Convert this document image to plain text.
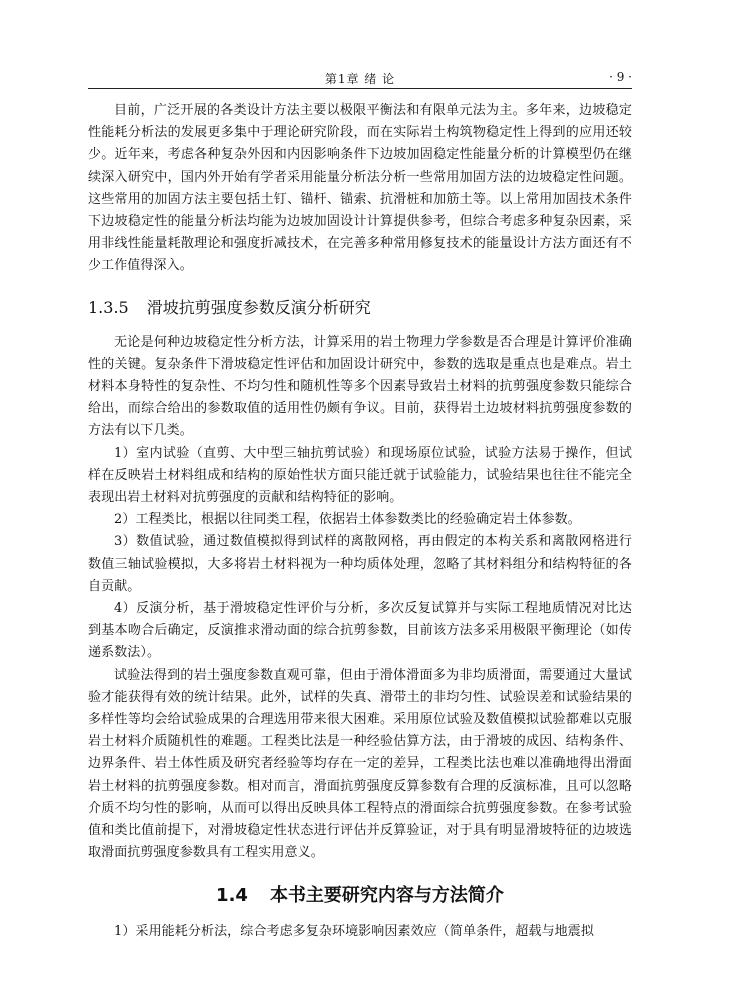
第1章 绪 论	· 9 ·

目前，广泛开展的各类设计方法主要以极限平衡法和有限单元法为主。多年来，边坡稳定性能耗分析法的发展更多集中于理论研究阶段，而在实际岩土构筑物稳定性上得到的应用还较少。近年来，考虑各种复杂外因和内因影响条件下边坡加固稳定性能量分析的计算模型仍在继续深入研究中，国内外开始有学者采用能量分析法分析一些常用加固方法的边坡稳定性问题。这些常用的加固方法主要包括土钉、锚杆、锚索、抗滑桩和加筋土等。以上常用加固技术条件下边坡稳定性的能量分析法均能为边坡加固设计计算提供参考，但综合考虑多种复杂因素，采用非线性能量耗散理论和强度折减技术，在完善多种常用修复技术的能量设计方法方面还有不少工作值得深入。

1.3.5 滑坡抗剪强度参数反演分析研究

无论是何种边坡稳定性分析方法，计算采用的岩土物理力学参数是否合理是计算评价准确性的关键。复杂条件下滑坡稳定性评估和加固设计研究中，参数的选取是重点也是难点。岩土材料本身特性的复杂性、不均匀性和随机性等多个因素导致岩土材料的抗剪强度参数只能综合给出，而综合给出的参数取值的适用性仍颇有争议。目前，获得岩土边坡材料抗剪强度参数的方法有以下几类。

1）室内试验（直剪、大中型三轴抗剪试验）和现场原位试验，试验方法易于操作，但试样在反映岩土材料组成和结构的原始性状方面只能迁就于试验能力，试验结果也往往不能完全表现出岩土材料对抗剪强度的贡献和结构特征的影响。

2）工程类比，根据以往同类工程，依据岩土体参数类比的经验确定岩土体参数。

3）数值试验，通过数值模拟得到试样的离散网格，再由假定的本构关系和离散网格进行数值三轴试验模拟，大多将岩土材料视为一种均质体处理，忽略了其材料组分和结构特征的各自贡献。

4）反演分析，基于滑坡稳定性评价与分析，多次反复试算并与实际工程地质情况对比达到基本吻合后确定，反演推求滑动面的综合抗剪参数，目前该方法多采用极限平衡理论（如传递系数法）。

试验法得到的岩土强度参数直观可靠，但由于滑体滑面多为非均质滑面，需要通过大量试验才能获得有效的统计结果。此外，试样的失真、滑带土的非均匀性、试验误差和试验结果的多样性等均会给试验成果的合理选用带来很大困难。采用原位试验及数值模拟试验都难以克服岩土材料介质随机性的难题。工程类比法是一种经验估算方法，由于滑坡的成因、结构条件、边界条件、岩土体性质及研究者经验等均存在一定的差异，工程类比法也难以准确地得出滑面岩土材料的抗剪强度参数。相对而言，滑面抗剪强度反算参数有合理的反演标准，且可以忽略介质不均匀性的影响，从而可以得出反映具体工程特点的滑面综合抗剪强度参数。在参考试验值和类比值前提下，对滑坡稳定性状态进行评估并反算验证，对于具有明显滑坡特征的边坡选取滑面抗剪强度参数具有工程实用意义。

1.4 本书主要研究内容与方法简介

1）采用能耗分析法，综合考虑多复杂环境影响因素效应（简单条件，超载与地震拟
